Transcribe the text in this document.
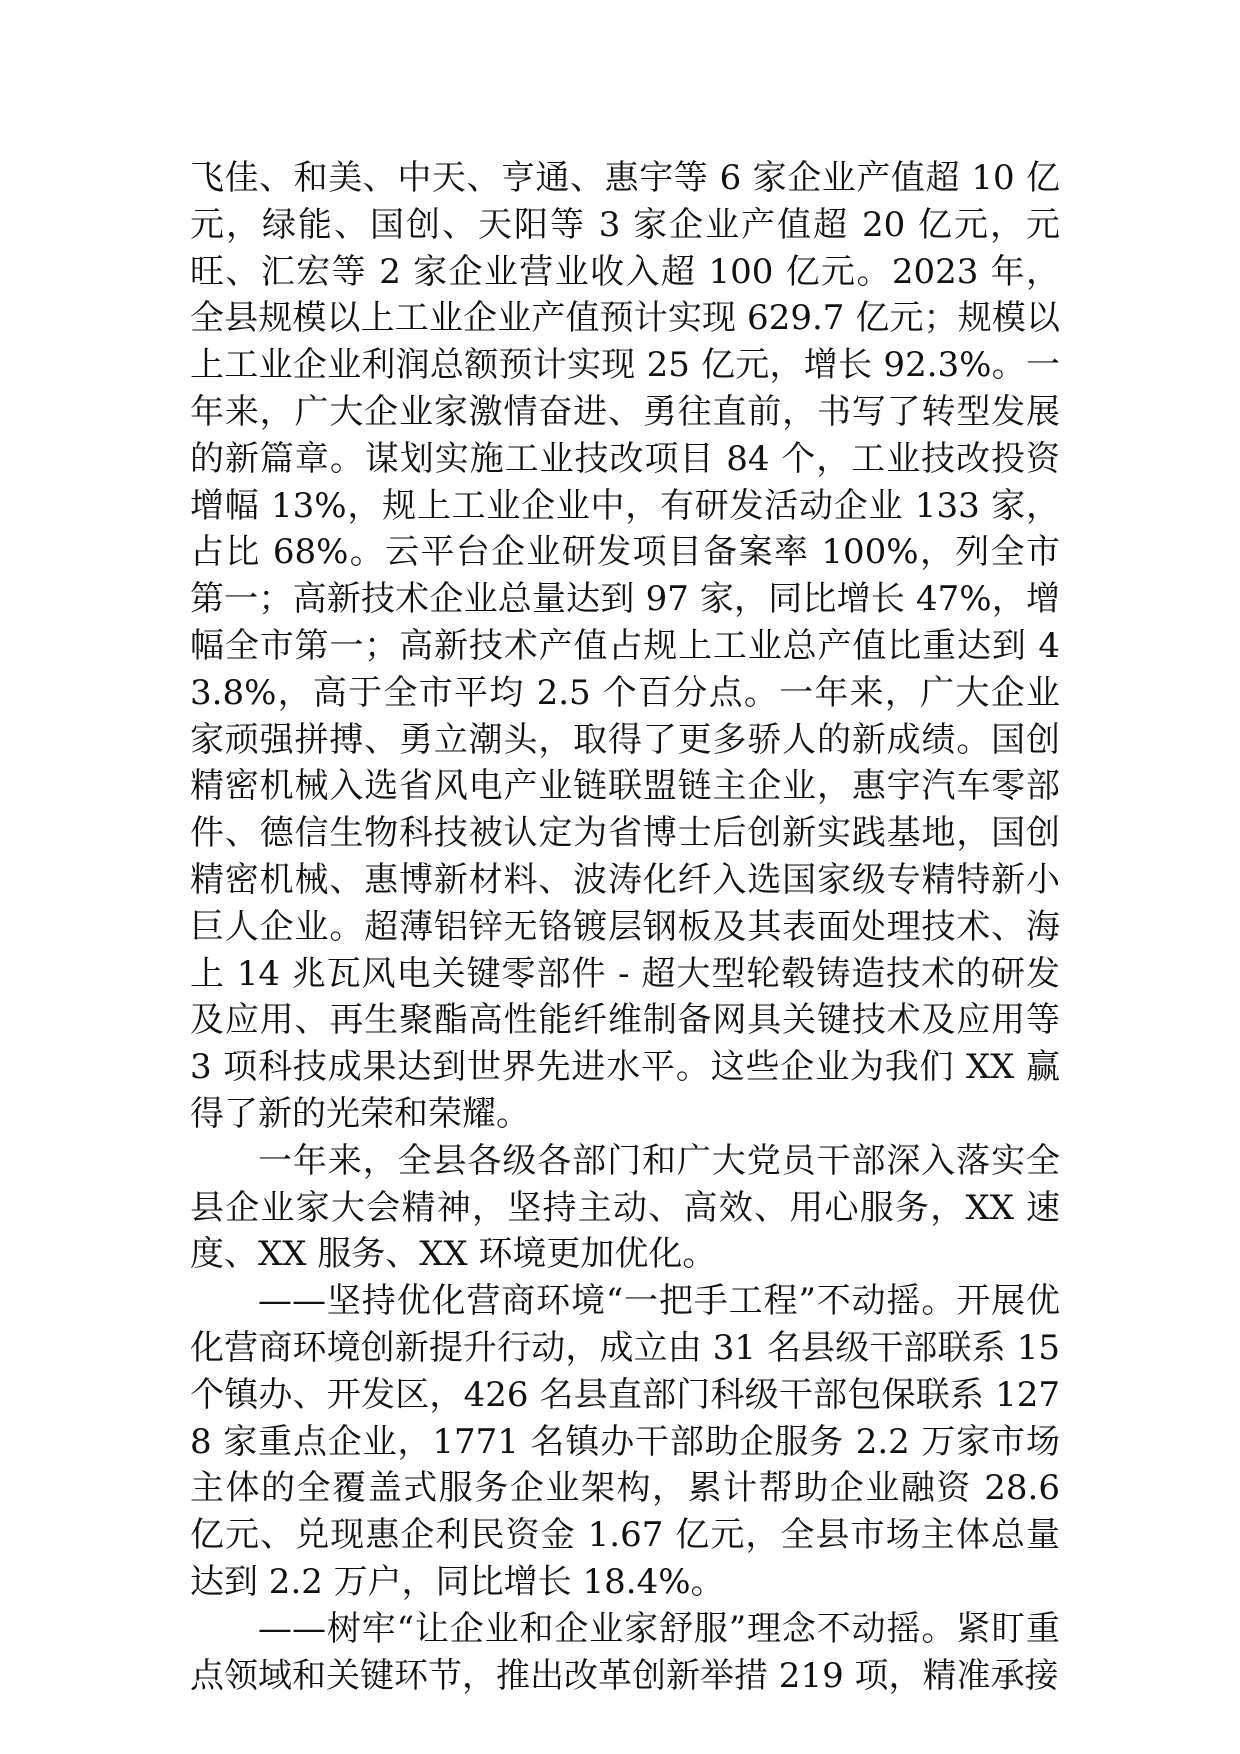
飞佳、和美、中天、亨通、惠宇等 6 家企业产值超 10 亿元，绿能、国创、天阳等 3 家企业产值超 20 亿元，元旺、汇宏等 2 家企业营业收入超 100 亿元。2023 年，全县规模以上工业企业产值预计实现 629.7 亿元；规模以上工业企业利润总额预计实现 25 亿元，增长 92.3%。一年来，广大企业家激情奋进、勇往直前，书写了转型发展的新篇章。谋划实施工业技改项目 84 个，工业技改投资增幅 13%，规上工业企业中，有研发活动企业 133 家，占比 68%。云平台企业研发项目备案率 100%，列全市第一；高新技术企业总量达到 97 家，同比增长 47%，增幅全市第一；高新技术产值占规上工业总产值比重达到 43.8%，高于全市平均 2.5 个百分点。一年来，广大企业家顽强拼搏、勇立潮头，取得了更多骄人的新成绩。国创精密机械入选省风电产业链联盟链主企业，惠宇汽车零部件、德信生物科技被认定为省博士后创新实践基地，国创精密机械、惠博新材料、波涛化纤入选国家级专精特新小巨人企业。超薄铝锌无铬镀层钢板及其表面处理技术、海上 14 兆瓦风电关键零部件 - 超大型轮毂铸造技术的研发及应用、再生聚酯高性能纤维制备网具关键技术及应用等 3 项科技成果达到世界先进水平。这些企业为我们 XX 赢得了新的光荣和荣耀。

一年来，全县各级各部门和广大党员干部深入落实全县企业家大会精神，坚持主动、高效、用心服务，XX 速度、XX 服务、XX 环境更加优化。

——坚持优化营商环境“一把手工程”不动摇。开展优化营商环境创新提升行动，成立由 31 名县级干部联系 15 个镇办、开发区，426 名县直部门科级干部包保联系 1278 家重点企业，1771 名镇办干部助企服务 2.2 万家市场主体的全覆盖式服务企业架构，累计帮助企业融资 28.6 亿元、兑现惠企利民资金 1.67 亿元，全县市场主体总量达到 2.2 万户，同比增长 18.4%。

——树牢“让企业和企业家舒服”理念不动摇。紧盯重点领域和关键环节，推出改革创新举措 219 项，精准承接
